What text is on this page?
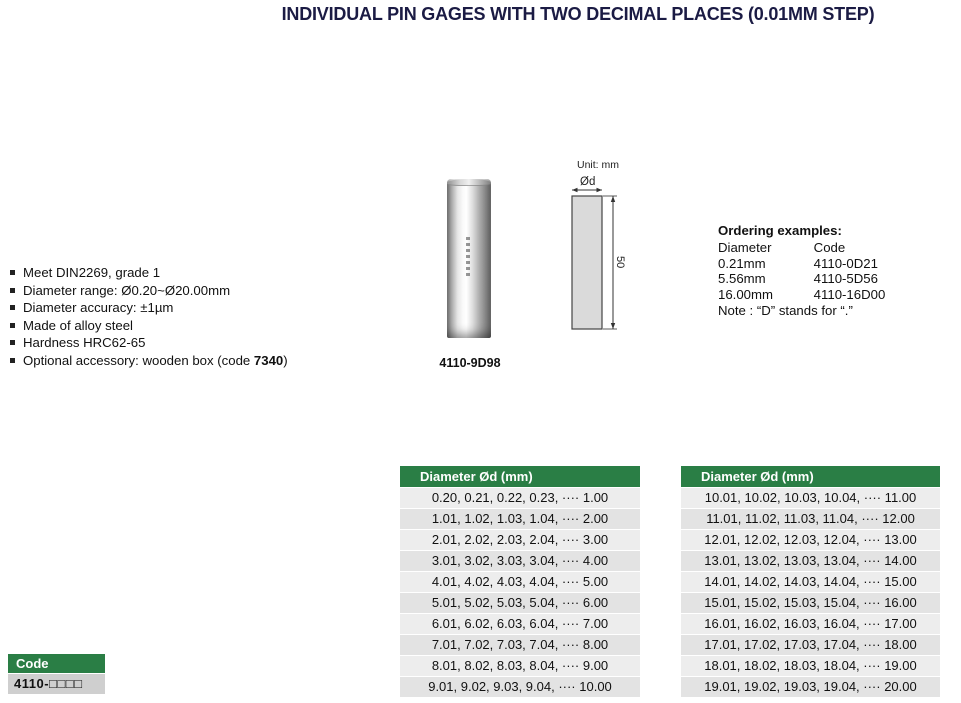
INDIVIDUAL PIN GAGES WITH TWO DECIMAL PLACES (0.01MM STEP)
Meet DIN2269, grade 1
Diameter range: Ø0.20~Ø20.00mm
Diameter accuracy: ±1µm
Made of alloy steel
Hardness HRC62-65
Optional accessory: wooden box (code 7340)	4110-9D98
Unit: mm
Ød
50
Ordering examples:
Diameter	Code
0.21mm	4110-0D21
5.56mm	4110-5D56
16.00mm	4110-16D00
Note : “D” stands for “.”
Diameter Ød (mm)
0.20, 0.21, 0.22, 0.23, ···· 1.00
1.01, 1.02, 1.03, 1.04, ···· 2.00
2.01, 2.02, 2.03, 2.04, ···· 3.00
3.01, 3.02, 3.03, 3.04, ···· 4.00
4.01, 4.02, 4.03, 4.04, ···· 5.00
5.01, 5.02, 5.03, 5.04, ···· 6.00
6.01, 6.02, 6.03, 6.04, ···· 7.00
7.01, 7.02, 7.03, 7.04, ···· 8.00
8.01, 8.02, 8.03, 8.04, ···· 9.00
9.01, 9.02, 9.03, 9.04, ···· 10.00
Diameter Ød (mm)
10.01, 10.02, 10.03, 10.04, ···· 11.00
11.01, 11.02, 11.03, 11.04, ···· 12.00
12.01, 12.02, 12.03, 12.04, ···· 13.00
13.01, 13.02, 13.03, 13.04, ···· 14.00
14.01, 14.02, 14.03, 14.04, ···· 15.00
15.01, 15.02, 15.03, 15.04, ···· 16.00
16.01, 16.02, 16.03, 16.04, ···· 17.00
17.01, 17.02, 17.03, 17.04, ···· 18.00
18.01, 18.02, 18.03, 18.04, ···· 19.00
19.01, 19.02, 19.03, 19.04, ···· 20.00
Code
4110-□□□□
